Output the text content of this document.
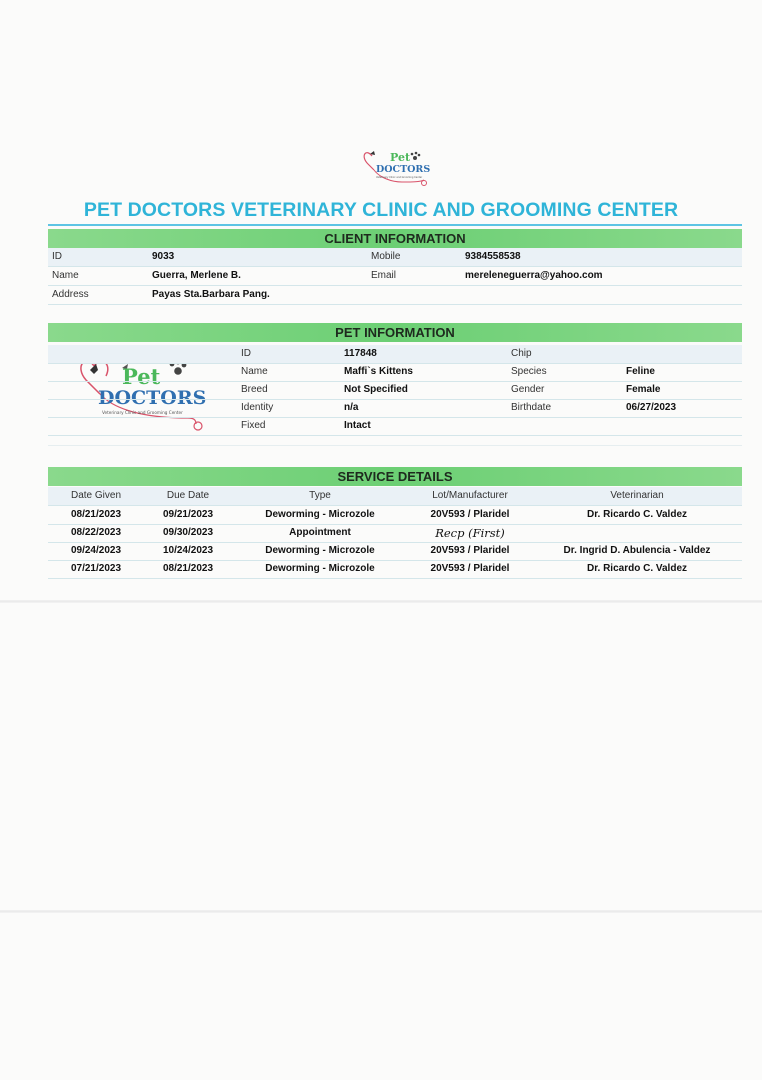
Pet
DOCTORS
Veterinary Clinic and Grooming Center
PET DOCTORS VETERINARY CLINIC AND GROOMING CENTER
CLIENT INFORMATION
ID	9033	Mobile	9384558538
Name	Guerra, Merlene B.	Email	mereleneguerra@yahoo.com
Address	Payas Sta.Barbara Pang.
PET INFORMATION
Pet
DOCTORS
Veterinary Clinic and Grooming Center
ID	117848	Chip
Name	Maffi`s Kittens	Species	Feline
Breed	Not Specified	Gender	Female
Identity	n/a	Birthdate	06/27/2023
Fixed	Intact
SERVICE DETAILS
Date Given	Due Date	Type	Lot/Manufacturer	Veterinarian
08/21/2023	09/21/2023	Deworming - Microzole	20V593 / Plaridel	Dr. Ricardo C. Valdez
08/22/2023	09/30/2023	Appointment	Recp (First)
09/24/2023	10/24/2023	Deworming - Microzole	20V593 / Plaridel	Dr. Ingrid D. Abulencia - Valdez
07/21/2023	08/21/2023	Deworming - Microzole	20V593 / Plaridel	Dr. Ricardo C. Valdez
